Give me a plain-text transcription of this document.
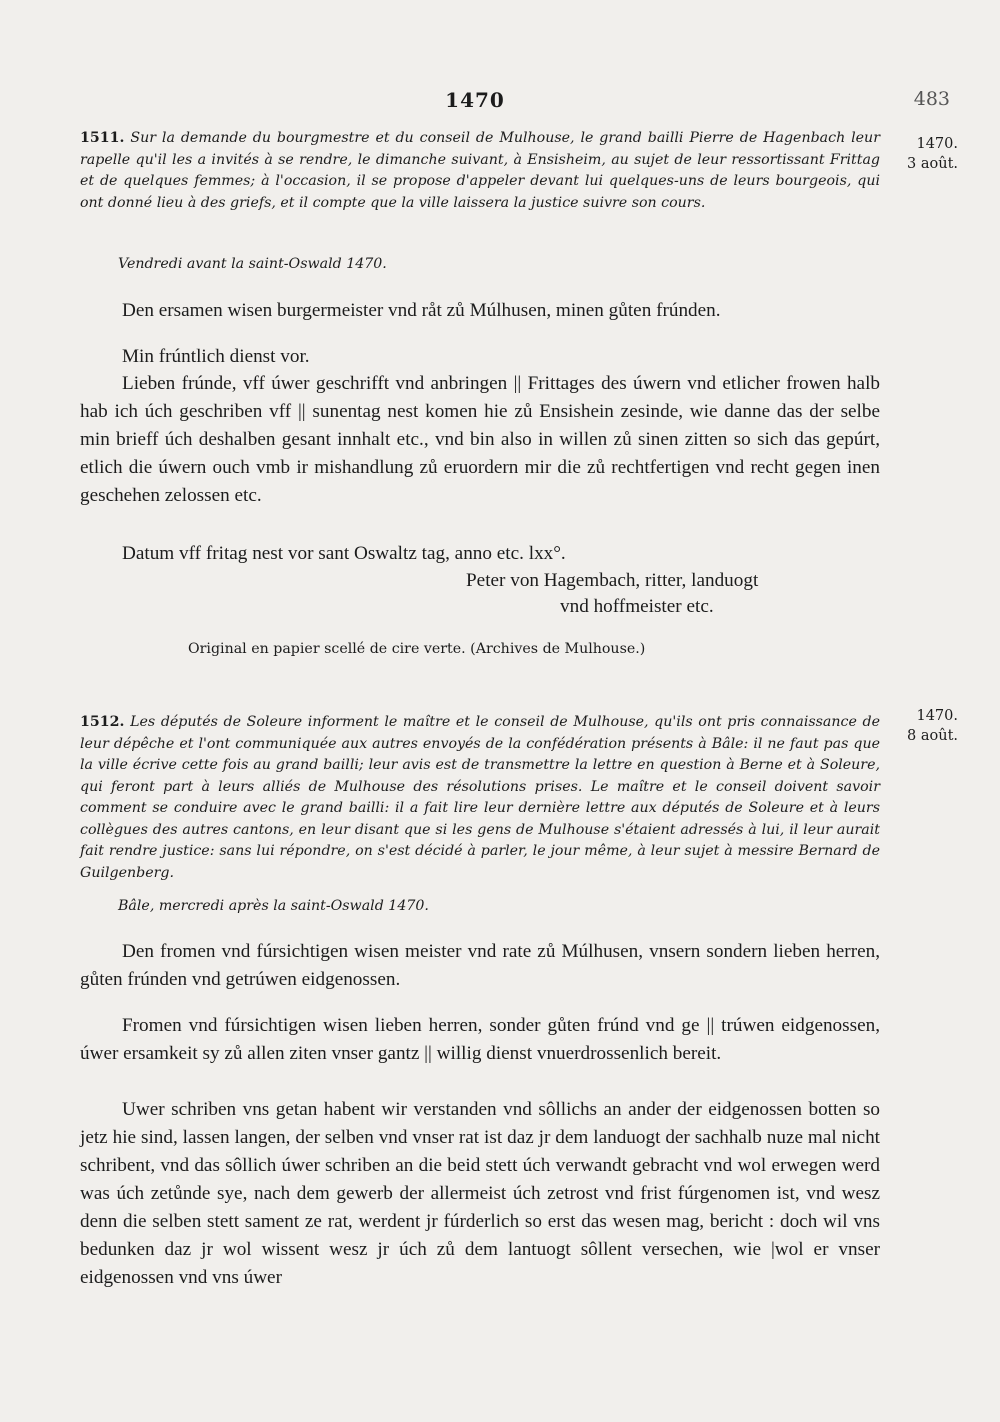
1470	483
1511. Sur la demande du bourgmestre et du conseil de Mulhouse, le grand bailli Pierre de Hagenbach leur rapelle qu'il les a invités à se rendre, le dimanche suivant, à Ensisheim, au sujet de leur ressortissant Frittag et de quelques femmes; à l'occasion, il se propose d'appeler devant lui quelques-uns de leurs bourgeois, qui ont donné lieu à des griefs, et il compte que la ville laissera la justice suivre son cours.
Vendredi avant la saint-Oswald 1470.
1470.
3 août.
Den ersamen wisen burgermeister vnd råt zů Múlhusen, minen gůten frúnden.
Min frúntlich dienst vor.
Lieben frúnde, vff úwer geschrifft vnd anbringen || Frittages des úwern vnd etlicher frowen halb hab ich úch geschriben vff || sunentag nest komen hie zů Ensishein zesinde, wie danne das der selbe min brieff úch deshalben gesant innhalt etc., vnd bin also in willen zů sinen zitten so sich das gepúrt, etlich die úwern ouch vmb ir mishandlung zů eruordern mir die zů rechtfertigen vnd recht gegen inen geschehen zelossen etc.
Datum vff fritag nest vor sant Oswaltz tag, anno etc. lxx°.
Peter von Hagembach, ritter, landuogt
vnd hoffmeister etc.
Original en papier scellé de cire verte. (Archives de Mulhouse.)
1512. Les députés de Soleure informent le maître et le conseil de Mulhouse, qu'ils ont pris connaissance de leur dépêche et l'ont communiquée aux autres envoyés de la confédération présents à Bâle: il ne faut pas que la ville écrive cette fois au grand bailli; leur avis est de transmettre la lettre en question à Berne et à Soleure, qui feront part à leurs alliés de Mulhouse des résolutions prises. Le maître et le conseil doivent savoir comment se conduire avec le grand bailli: il a fait lire leur dernière lettre aux députés de Soleure et à leurs collègues des autres cantons, en leur disant que si les gens de Mulhouse s'étaient adressés à lui, il leur aurait fait rendre justice: sans lui répondre, on s'est décidé à parler, le jour même, à leur sujet à messire Bernard de Guilgenberg.
Bâle, mercredi après la saint-Oswald 1470.
1470.
8 août.
Den fromen vnd fúrsichtigen wisen meister vnd rate zů Múlhusen, vnsern sondern lieben herren, gůten frúnden vnd getrúwen eidgenossen.
Fromen vnd fúrsichtigen wisen lieben herren, sonder gůten frúnd vnd ge || trúwen eidgenossen, úwer ersamkeit sy zů allen ziten vnser gantz || willig dienst vnuerdrossenlich bereit.
Uwer schriben vns getan habent wir verstanden vnd sôllichs an ander der eidgenossen botten so jetz hie sind, lassen langen, der selben vnd vnser rat ist daz jr dem landuogt der sachhalb nuze mal nicht schribent, vnd das sôllich úwer schriben an die beid stett úch verwandt gebracht vnd wol erwegen werd was úch zetůnde sye, nach dem gewerb der allermeist úch zetrost vnd frist fúrgenomen ist, vnd wesz denn die selben stett sament ze rat, werdent jr fúrderlich so erst das wesen mag, bericht : doch wil vns bedunken daz jr wol wissent wesz jr úch zů dem lantuogt sôllent versechen, wie |wol er vnser eidgenossen vnd vns úwer
